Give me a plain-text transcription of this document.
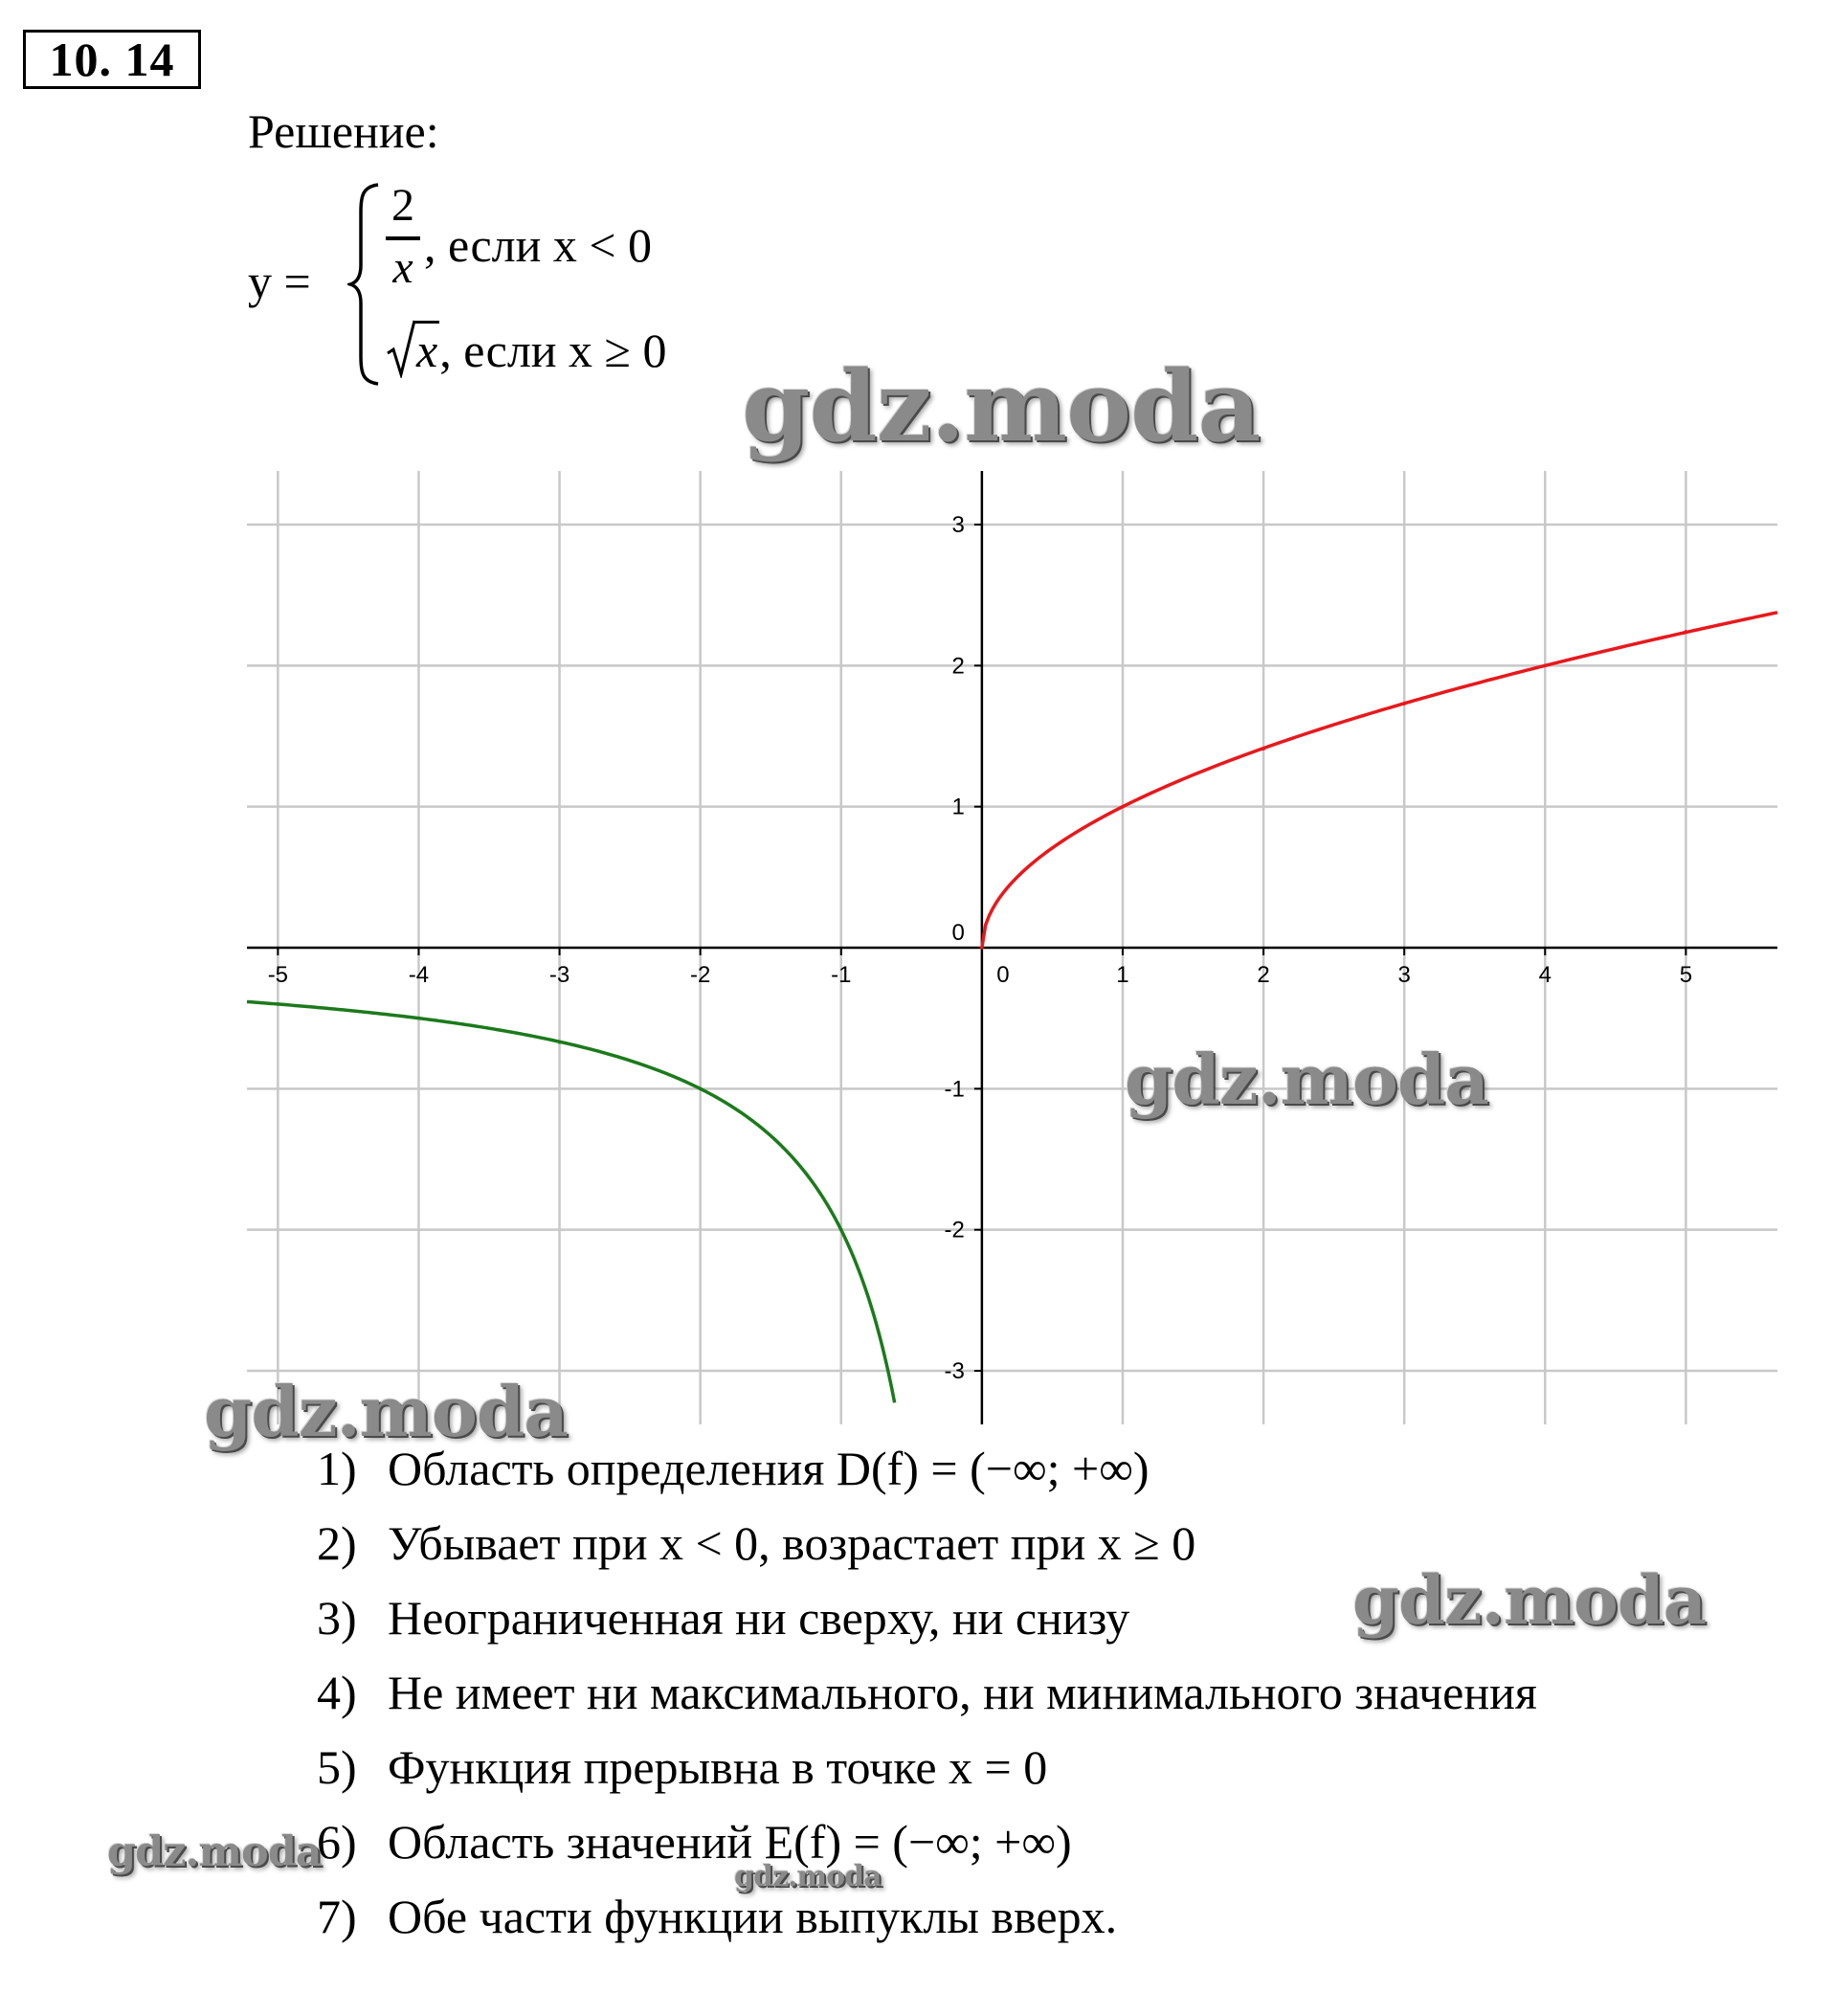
10. 14
Решение:
y =
2
x , если x < 0
x, если x ≥ 0
-5	-4	-3	-2	-1	0	1	2	3	4	5
-3
-2
-1
0
1
2
3
gdz.moda
gdz.moda
gdz.moda
gdz.moda
gdz.moda
gdz.moda
1) Область определения D(f) = (−∞; +∞)
2) Убывает при x < 0, возрастает при x ≥ 0
3) Неограниченная ни сверху, ни снизу
4) Не имеет ни максимального, ни минимального значения
5) Функция прерывна в точке x = 0
6) Область значений E(f) = (−∞; +∞)
7) Обе части функции выпуклы вверх.
